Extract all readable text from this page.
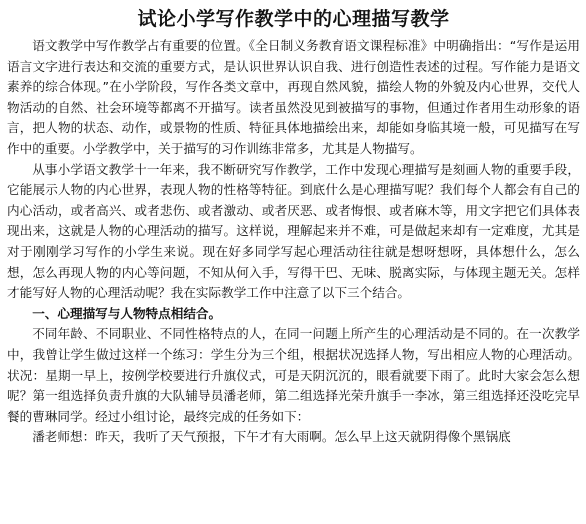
试论小学写作教学中的心理描写教学

语文教学中写作教学占有重要的位置。《全日制义务教育语文课程标准》中明确指出：“写作是运用语言文字进行表达和交流的重要方式，是认识世界认识自我、进行创造性表述的过程。写作能力是语文素养的综合体现。”在小学阶段，写作各类文章中，再现自然风貌，描绘人物的外貌及内心世界，交代人物活动的自然、社会环境等都离不开描写。读者虽然没见到被描写的事物，但通过作者用生动形象的语言，把人物的状态、动作，或景物的性质、特征具体地描绘出来，却能如身临其境一般，可见描写在写作中的重要。小学教学中，关于描写的习作训练非常多，尤其是人物描写。

从事小学语文教学十一年来，我不断研究写作教学，工作中发现心理描写是刻画人物的重要手段，它能展示人物的内心世界，表现人物的性格等特征。到底什么是心理描写呢？我们每个人都会有自己的内心活动，或者高兴、或者悲伤、或者激动、或者厌恶、或者悔恨、或者麻木等，用文字把它们具体表现出来，这就是人物的心理活动的描写。这样说，理解起来并不难，可是做起来却有一定难度，尤其是对于刚刚学习写作的小学生来说。现在好多同学写起心理活动往往就是想呀想呀，具体想什么，怎么想，怎么再现人物的内心等问题，不知从何入手，写得干巴、无味、脱离实际，与体现主题无关。怎样才能写好人物的心理活动呢？我在实际教学工作中注意了以下三个结合。

一、心理描写与人物特点相结合。

不同年龄、不同职业、不同性格特点的人，在同一问题上所产生的心理活动是不同的。在一次教学中，我曾让学生做过这样一个练习：学生分为三个组，根据状况选择人物，写出相应人物的心理活动。状况：星期一早上，按例学校要进行升旗仪式，可是天阴沉沉的，眼看就要下雨了。此时大家会怎么想呢？第一组选择负责升旗的大队辅导员潘老师，第二组选择光荣升旗手一李冰，第三组选择还没吃完早餐的曹琳同学。经过小组讨论，最终完成的任务如下：

潘老师想：昨天，我听了天气预报，下午才有大雨啊。怎么早上这天就阴得像个黑锅底
